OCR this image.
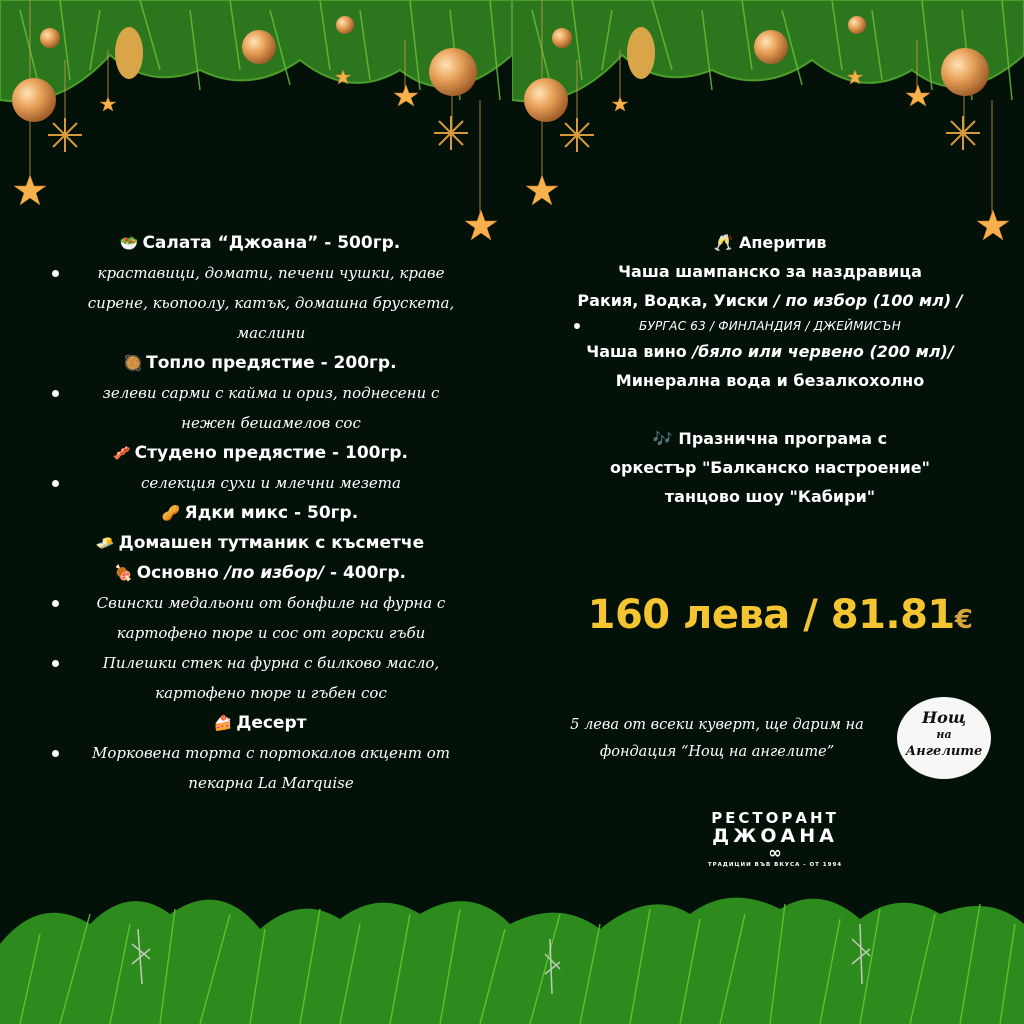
🥗 Салата “Джоана” - 500гр.
краставици, домати, печени чушки, краве сирене, кьопоолу, катък, домашна брускета, маслини
🥘 Топло предястие - 200гр.
зелеви сарми с кайма и ориз, поднесени с нежен бешамелов сос
🥓 Студено предястие - 100гр.
селекция сухи и млечни мезета
🥜 Ядки микс - 50гр.
🧈 Домашен тутманик с късметче
🍖 Основно /по избор/ - 400гр.
Свински медальони от бонфиле на фурна с картофено пюре и сос от горски гъби
Пилешки стек на фурна с билково масло, картофено пюре и гъбен сос
🍰 Десерт
Морковена торта с портокалов акцент от пекарна La Marquise
🥂 Аперитив
Чаша шампанско за наздравица
Ракия, Водка, Уиски / по избор (100 мл) /
БУРГАС 63 / ФИНЛАНДИЯ / ДЖЕЙМИСЪН
Чаша вино /бяло или червено (200 мл)/
Минерална вода и безалкохолно
🎶 Празнична програма с
оркестър "Балканско настроение"
танцово шоу "Кабири"
160 лева / 81.81€
5 лева от всеки куверт, ще дарим на
фондация “Нощ на ангелите”
Нощ
на
Ангелите
РЕСТОРАНТ
ДЖОАНА
∞
ТРАДИЦИИ ВЪВ ВКУСА - ОТ 1994
